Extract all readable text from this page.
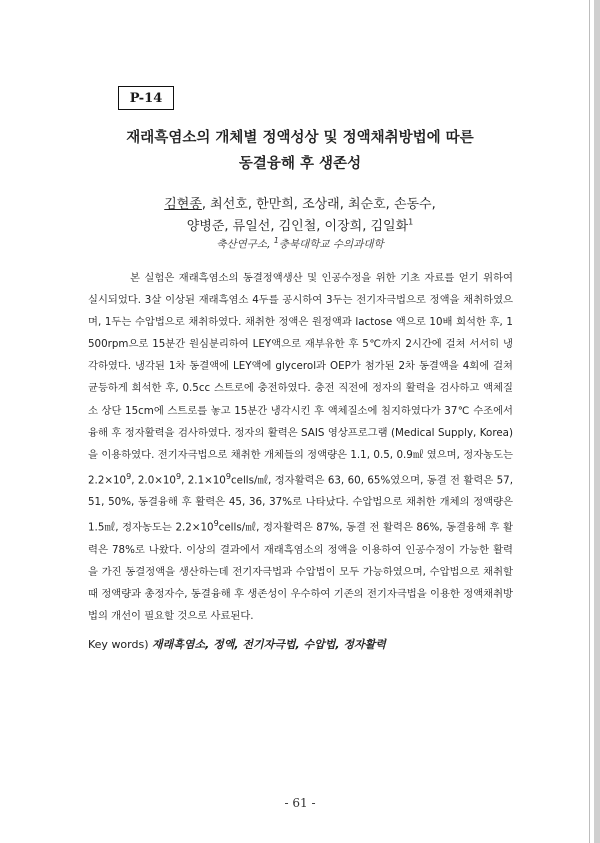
P-14
재래흑염소의 개체별 정액성상 및 정액채취방법에 따른
동결융해 후 생존성
김현종, 최선호, 한만희, 조상래, 최순호, 손동수,
양병준, 류일선, 김인철, 이장희, 김일화$^1$
축산연구소, $^1$충북대학교 수의과대학
본 실험은 재래흑염소의 동결정액생산 및 인공수정을 위한 기초 자료를 얻기 위하여 실시되었다. 3살 이상된 재래흑염소 4두를 공시하여 3두는 전기자극법으로 정액을 채취하였으며, 1두는 수압법으로 채취하였다. 채취한 정액은 원정액과 lactose 액으로 10배 희석한 후, 1500rpm으로 15분간 원심분리하여 LEY액으로 재부유한 후 5℃까지 2시간에 걸쳐 서서히 냉각하였다. 냉각된 1차 동결액에 LEY액에 glycerol과 OEP가 첨가된 2차 동결액을 4회에 걸쳐 균등하게 희석한 후, 0.5cc 스트로에 충전하였다. 충전 직전에 정자의 활력을 검사하고 액체질소 상단 15cm에 스트로를 놓고 15분간 냉각시킨 후 액체질소에 침지하였다가 37℃ 수조에서 융해 후 정자활력을 검사하였다. 정자의 활력은 SAIS 영상프로그램 (Medical Supply, Korea)을 이용하였다. 전기자극법으로 채취한 개체들의 정액량은 1.1, 0.5, 0.9㎖ 였으며, 정자농도는 $2.2\times 10^9$, $2.0\times 10^9$, $2.1\times 10^9cells/㎖$, 정자활력은 63, 60, 65%였으며, 동결 전 활력은 57, 51, 50%, 동결융해 후 활력은 45, 36, 37%로 나타났다. 수압법으로 채취한 개체의 정액량은 1.5㎖, 정자농도는 $2.2\times 10^9cells/㎖$, 정자활력은 87%, 동결 전 활력은 86%, 동결융해 후 활력은 78%로 나왔다. 이상의 결과에서 재래흑염소의 정액을 이용하여 인공수정이 가능한 활력을 가진 동결정액을 생산하는데 전기자극법과 수압법이 모두 가능하였으며, 수압법으로 채취할 때 정액량과 총정자수, 동결융해 후 생존성이 우수하여 기존의 전기자극법을 이용한 정액채취방법의 개선이 필요할 것으로 사료된다.
Key words) 재래흑염소, 정액, 전기자극법, 수압법, 정자활력
- 61 -
